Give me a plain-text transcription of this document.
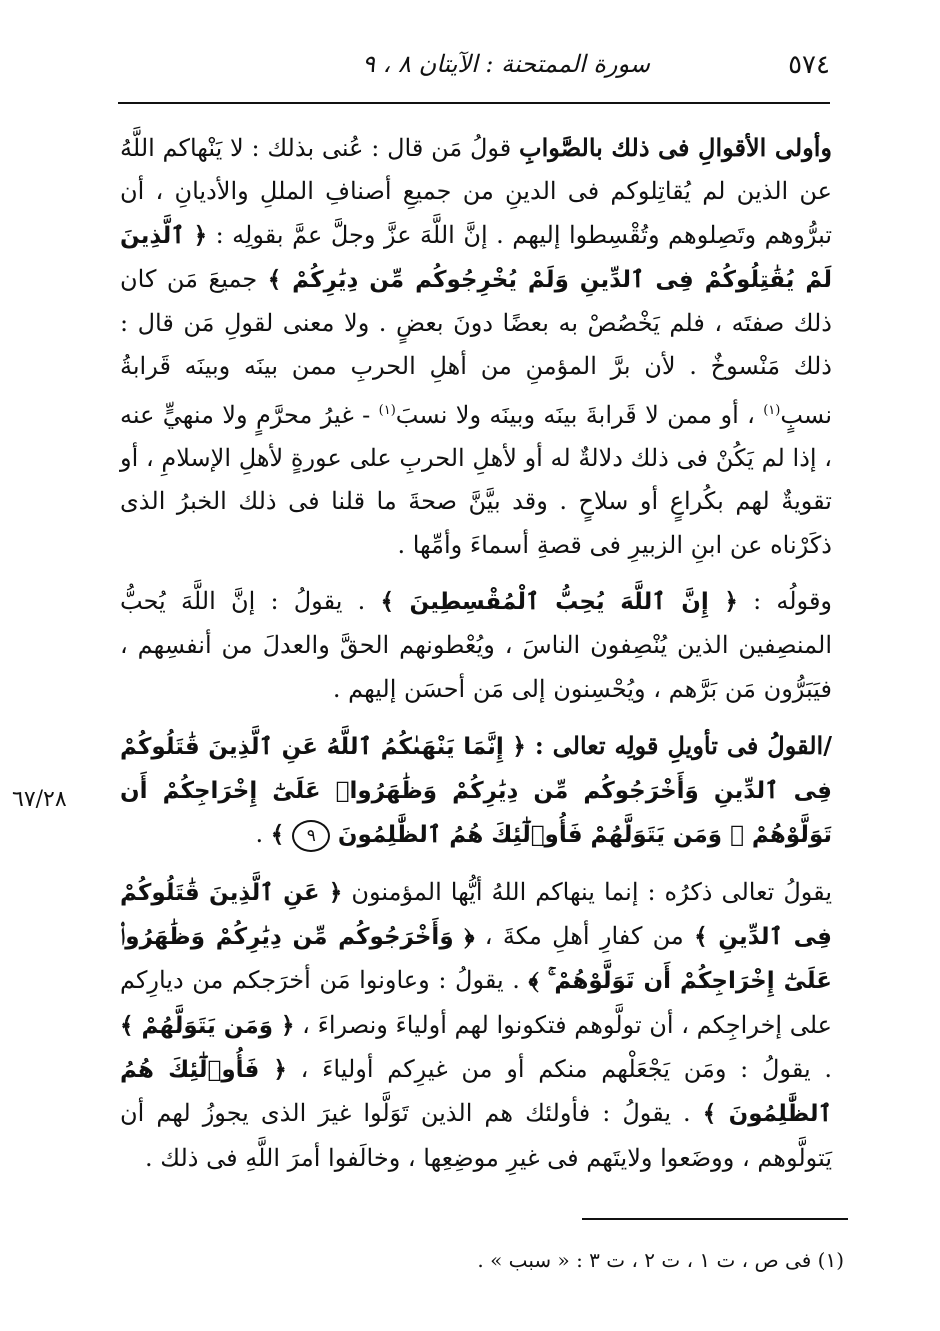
٥٧٤
سورة الممتحنة : الآيتان ٨ ، ٩
٦٧/٢٨

وأولى الأقوالِ فى ذلك بالصَّوابِ قولُ مَن قال : عُنى بذلك : لا يَنْهاكم اللَّهُ عن الذين لم يُقاتِلوكم فى الدينِ من جميعِ أصنافِ المللِ والأديانِ ، أن تبرُّوهم وتَصِلوهم وتُقْسِطوا إليهم . إنَّ اللَّهَ عزَّ وجلَّ عمَّ بقولِه : ﴿ ٱلَّذِينَ لَمْ يُقَٰتِلُوكُمْ فِى ٱلدِّينِ وَلَمْ يُخْرِجُوكُم مِّن دِيَٰرِكُمْ ﴾ جميعَ مَن كان ذلك صفتَه ، فلم يَخْصُصْ به بعضًا دونَ بعضٍ . ولا معنى لقولِ مَن قال : ذلك مَنْسوخٌ . لأن برَّ المؤمنِ من أهلِ الحربِ ممن بينَه وبينَه قَرابةُ نسبٍ$^{(١)}$ ، أو ممن لا قَرابةَ بينَه وبينَه ولا نسبَ$^{(١)}$ - غيرُ محرَّمٍ ولا منهيٍّ عنه ، إذا لم يَكُنْ فى ذلك دلالةٌ له أو لأهلِ الحربِ على عورةٍ لأهلِ الإسلامِ ، أو تقويةٌ لهم بكُراعٍ أو سلاحٍ . وقد بيَّنَّ صحةَ ما قلنا فى ذلك الخبرُ الذى ذكَرْناه عن ابنِ الزبيرِ فى قصةِ أسماءَ وأمِّها .

وقولُه : ﴿ إِنَّ ٱللَّهَ يُحِبُّ ٱلْمُقْسِطِينَ ﴾ . يقولُ : إنَّ اللَّهَ يُحبُّ المنصِفين الذين يُنْصِفون الناسَ ، ويُعْطونهم الحقَّ والعدلَ من أنفسِهم ، فيَبَرُّون مَن بَرَّهم ، ويُحْسِنون إلى مَن أحسَن إليهم .

/القولُ فى تأويلِ قولِه تعالى : ﴿ إِنَّمَا يَنْهَىٰكُمُ ٱللَّهُ عَنِ ٱلَّذِينَ قَٰتَلُوكُمْ فِى ٱلدِّينِ وَأَخْرَجُوكُم مِّن دِيَٰرِكُمْ وَظَٰهَرُوا۟ عَلَىٰٓ إِخْرَاجِكُمْ أَن تَوَلَّوْهُمْ ۚ وَمَن يَتَوَلَّهُمْ فَأُو۟لَٰٓئِكَ هُمُ ٱلظَّٰلِمُونَ ٩ ﴾ .

يقولُ تعالى ذكرُه : إنما ينهاكم اللهُ أيُّها المؤمنون ﴿ عَنِ ٱلَّذِينَ قَٰتَلُوكُمْ فِى ٱلدِّينِ ﴾ من كفارِ أهلِ مكةَ ، ﴿ وَأَخْرَجُوكُم مِّن دِيَٰرِكُمْ وَظَٰهَرُوا۟ عَلَىٰٓ إِخْرَاجِكُمْ أَن تَوَلَّوْهُمْ ۚ ﴾ . يقولُ : وعاونوا مَن أخرَجكم من ديارِكم على إخراجِكم ، أن تولَّوهم فتكونوا لهم أولياءَ ونصراءَ ، ﴿ وَمَن يَتَوَلَّهُمْ ﴾ . يقولُ : ومَن يَجْعَلْهم منكم أو من غيرِكم أولياءَ ، ﴿ فَأُو۟لَٰٓئِكَ هُمُ ٱلظَّٰلِمُونَ ﴾ . يقولُ : فأولئك هم الذين تَوَلَّوا غيرَ الذى يجوزُ لهم أن يَتولَّوهم ، ووضَعوا ولايتَهم فى غيرِ موضِعِها ، وخالَفوا أمرَ اللَّهِ فى ذلك .

(١) فى ص ، ت ١ ، ت ٢ ، ت ٣ : « سبب » .
